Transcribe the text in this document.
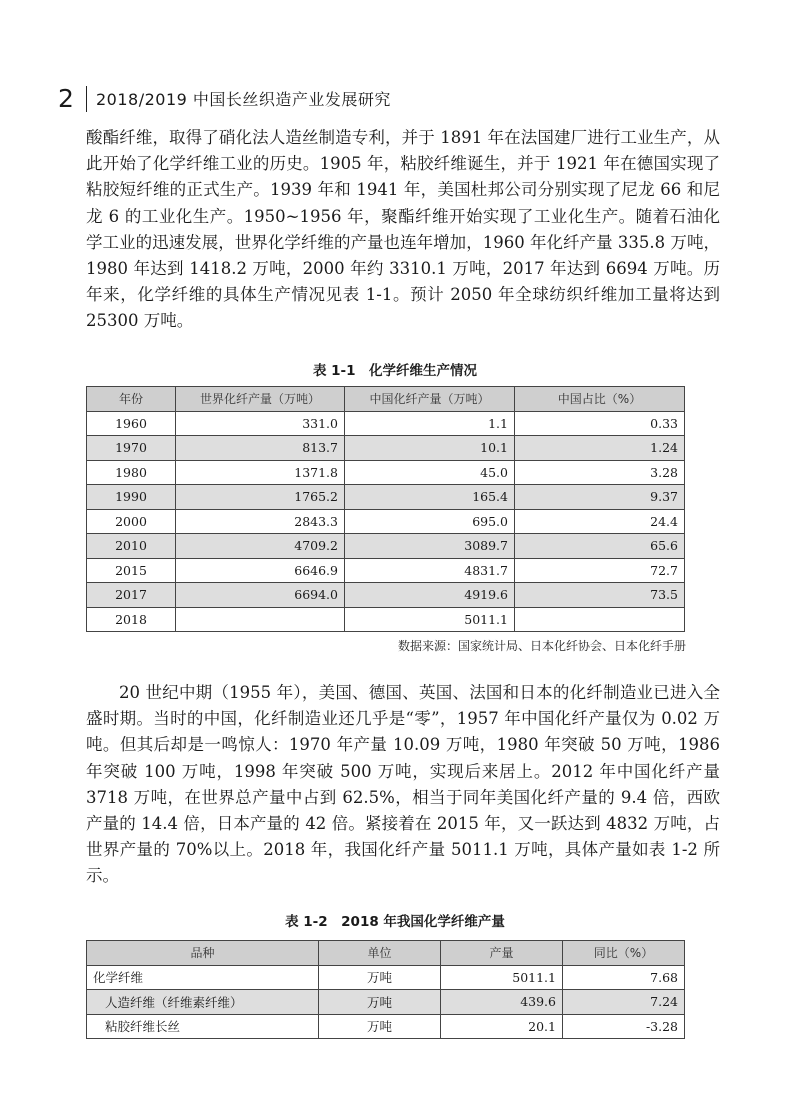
2	2018/2019 中国长丝织造产业发展研究

酸酯纤维，取得了硝化法人造丝制造专利，并于 1891 年在法国建厂进行工业生产，从此开始了化学纤维工业的历史。1905 年，粘胶纤维诞生，并于 1921 年在德国实现了粘胶短纤维的正式生产。1939 年和 1941 年，美国杜邦公司分别实现了尼龙 66 和尼龙 6 的工业化生产。1950~1956 年，聚酯纤维开始实现了工业化生产。随着石油化学工业的迅速发展，世界化学纤维的产量也连年增加，1960 年化纤产量 335.8 万吨，1980 年达到 1418.2 万吨，2000 年约 3310.1 万吨，2017 年达到 6694 万吨。历年来，化学纤维的具体生产情况见表 1-1。预计 2050 年全球纺织纤维加工量将达到 25300 万吨。

表 1-1　化学纤维生产情况
年份	世界化纤产量（万吨）	中国化纤产量（万吨）	中国占比（%）
1960	331.0	1.1	0.33
1970	813.7	10.1	1.24
1980	1371.8	45.0	3.28
1990	1765.2	165.4	9.37
2000	2843.3	695.0	24.4
2010	4709.2	3089.7	65.6
2015	6646.9	4831.7	72.7
2017	6694.0	4919.6	73.5
2018		5011.1	
数据来源：国家统计局、日本化纤协会、日本化纤手册

20 世纪中期（1955 年），美国、德国、英国、法国和日本的化纤制造业已进入全盛时期。当时的中国，化纤制造业还几乎是“零”，1957 年中国化纤产量仅为 0.02 万吨。但其后却是一鸣惊人：1970 年产量 10.09 万吨，1980 年突破 50 万吨，1986 年突破 100 万吨，1998 年突破 500 万吨，实现后来居上。2012 年中国化纤产量 3718 万吨，在世界总产量中占到 62.5%，相当于同年美国化纤产量的 9.4 倍，西欧产量的 14.4 倍，日本产量的 42 倍。紧接着在 2015 年，又一跃达到 4832 万吨，占世界产量的 70%以上。2018 年，我国化纤产量 5011.1 万吨，具体产量如表 1-2 所示。

表 1-2　2018 年我国化学纤维产量
品种	单位	产量	同比（%）
化学纤维	万吨	5011.1	7.68
人造纤维（纤维素纤维）	万吨	439.6	7.24
粘胶纤维长丝	万吨	20.1	-3.28
